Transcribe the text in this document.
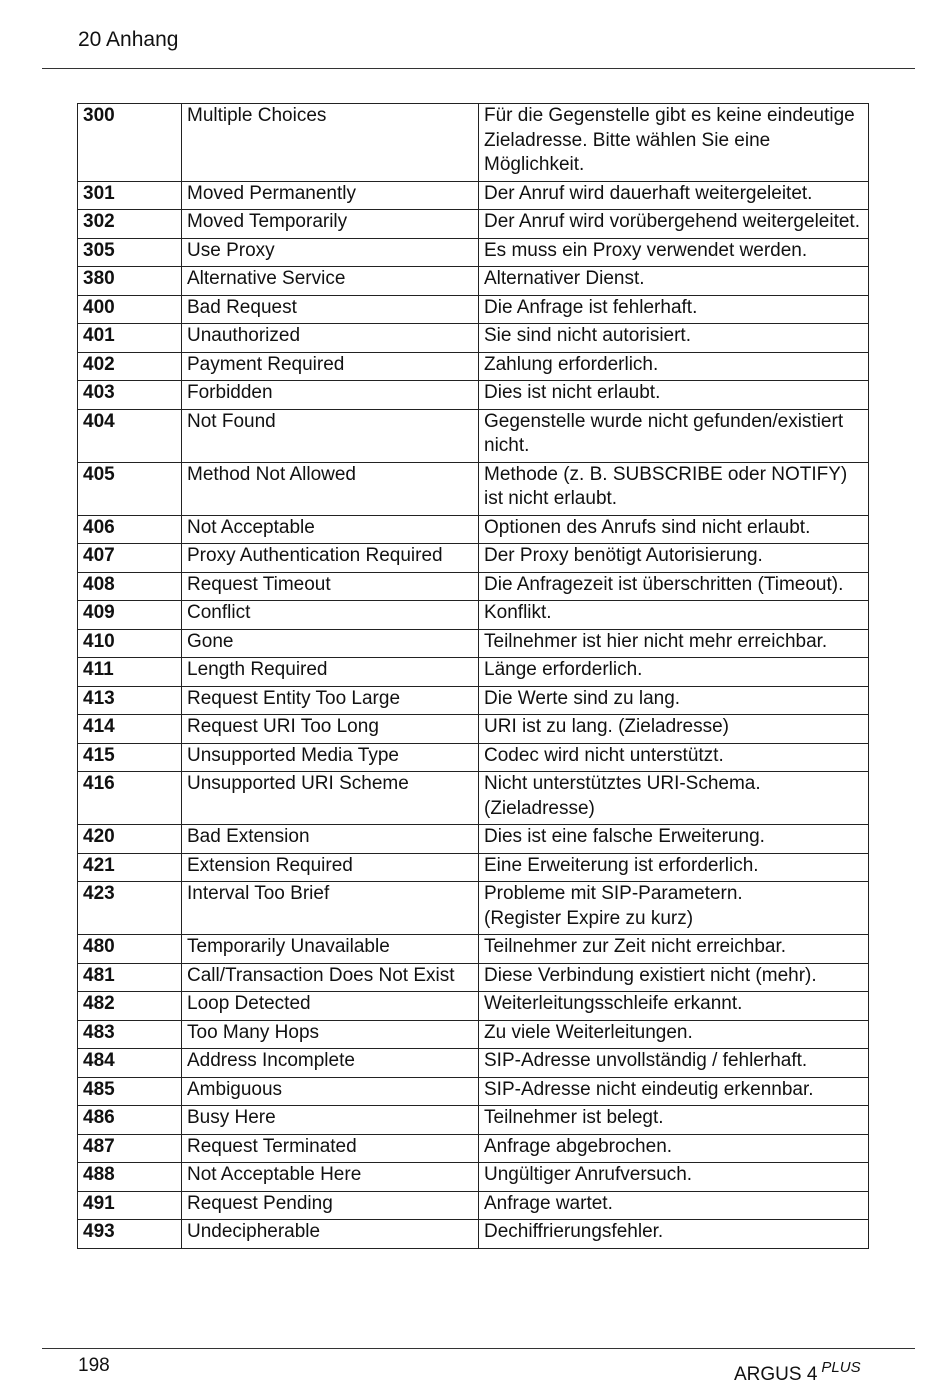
20 Anhang
300	Multiple Choices	Für die Gegenstelle gibt es keine eindeutige Zieladresse. Bitte wählen Sie eine Möglichkeit.
301	Moved Permanently	Der Anruf wird dauerhaft weitergeleitet.
302	Moved Temporarily	Der Anruf wird vorübergehend weitergeleitet.
305	Use Proxy	Es muss ein Proxy verwendet werden.
380	Alternative Service	Alternativer Dienst.
400	Bad Request	Die Anfrage ist fehlerhaft.
401	Unauthorized	Sie sind nicht autorisiert.
402	Payment Required	Zahlung erforderlich.
403	Forbidden	Dies ist nicht erlaubt.
404	Not Found	Gegenstelle wurde nicht gefunden/existiert nicht.
405	Method Not Allowed	Methode (z. B. SUBSCRIBE oder NOTIFY) ist nicht erlaubt.
406	Not Acceptable	Optionen des Anrufs sind nicht erlaubt.
407	Proxy Authentication Required	Der Proxy benötigt Autorisierung.
408	Request Timeout	Die Anfragezeit ist überschritten (Timeout).
409	Conflict	Konflikt.
410	Gone	Teilnehmer ist hier nicht mehr erreichbar.
411	Length Required	Länge erforderlich.
413	Request Entity Too Large	Die Werte sind zu lang.
414	Request URI Too Long	URI ist zu lang. (Zieladresse)
415	Unsupported Media Type	Codec wird nicht unterstützt.
416	Unsupported URI Scheme	Nicht unterstütztes URI-Schema. (Zieladresse)
420	Bad Extension	Dies ist eine falsche Erweiterung.
421	Extension Required	Eine Erweiterung ist erforderlich.
423	Interval Too Brief	Probleme mit SIP-Parametern.
(Register Expire zu kurz)
480	Temporarily Unavailable	Teilnehmer zur Zeit nicht erreichbar.
481	Call/Transaction Does Not Exist	Diese Verbindung existiert nicht (mehr).
482	Loop Detected	Weiterleitungsschleife erkannt.
483	Too Many Hops	Zu viele Weiterleitungen.
484	Address Incomplete	SIP-Adresse unvollständig / fehlerhaft.
485	Ambiguous	SIP-Adresse nicht eindeutig erkennbar.
486	Busy Here	Teilnehmer ist belegt.
487	Request Terminated	Anfrage abgebrochen.
488	Not Acceptable Here	Ungültiger Anrufversuch.
491	Request Pending	Anfrage wartet.
493	Undecipherable	Dechiffrierungsfehler.
198	ARGUS 4 $^{PLUS}$
